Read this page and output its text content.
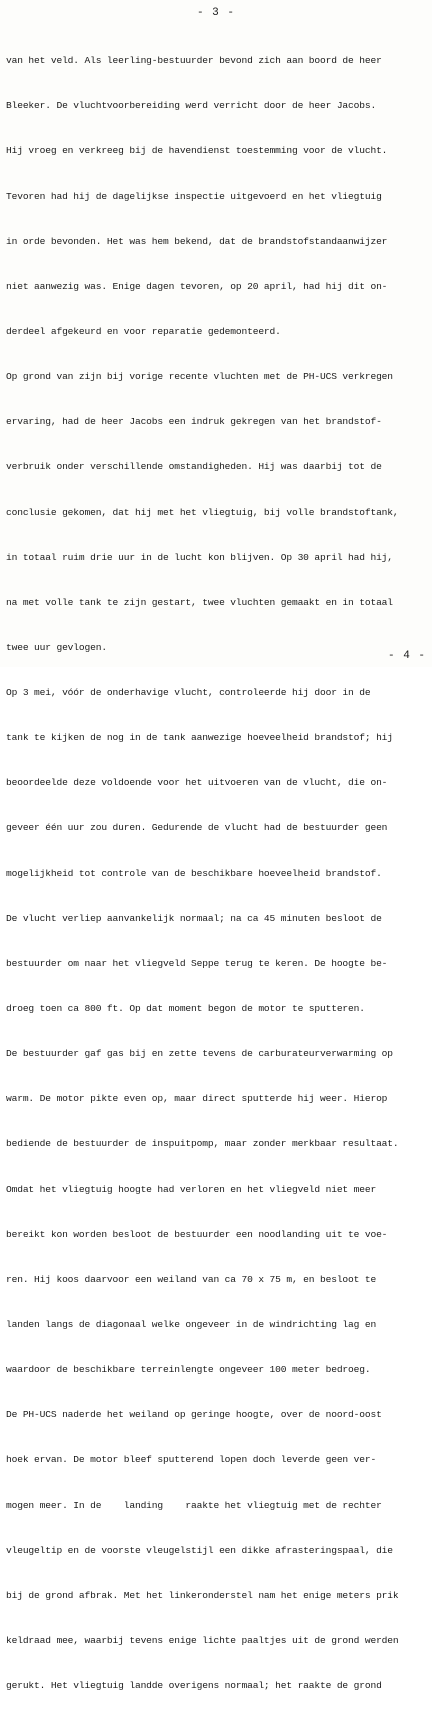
- 3 -

van het veld. Als leerling-bestuurder bevond zich aan boord de heer

Bleeker. De vluchtvoorbereiding werd verricht door de heer Jacobs.

Hij vroeg en verkreeg bij de havendienst toestemming voor de vlucht.

Tevoren had hij de dagelijkse inspectie uitgevoerd en het vliegtuig

in orde bevonden. Het was hem bekend, dat de brandstofstandaanwijzer

niet aanwezig was. Enige dagen tevoren, op 20 april, had hij dit on-

derdeel afgekeurd en voor reparatie gedemonteerd.

Op grond van zijn bij vorige recente vluchten met de PH-UCS verkregen

ervaring, had de heer Jacobs een indruk gekregen van het brandstof-

verbruik onder verschillende omstandigheden. Hij was daarbij tot de

conclusie gekomen, dat hij met het vliegtuig, bij volle brandstoftank,

in totaal ruim drie uur in de lucht kon blijven. Op 30 april had hij,

na met volle tank te zijn gestart, twee vluchten gemaakt en in totaal

twee uur gevlogen.

Op 3 mei, vóór de onderhavige vlucht, controleerde hij door in de

tank te kijken de nog in de tank aanwezige hoeveelheid brandstof; hij

beoordeelde deze voldoende voor het uitvoeren van de vlucht, die on-

geveer één uur zou duren. Gedurende de vlucht had de bestuurder geen

mogelijkheid tot controle van de beschikbare hoeveelheid brandstof.

De vlucht verliep aanvankelijk normaal; na ca 45 minuten besloot de

bestuurder om naar het vliegveld Seppe terug te keren. De hoogte be-

droeg toen ca 800 ft. Op dat moment begon de motor te sputteren.

De bestuurder gaf gas bij en zette tevens de carburateurverwarming op

warm. De motor pikte even op, maar direct sputterde hij weer. Hierop

bediende de bestuurder de inspuitpomp, maar zonder merkbaar resultaat.

Omdat het vliegtuig hoogte had verloren en het vliegveld niet meer

bereikt kon worden besloot de bestuurder een noodlanding uit te voe-

ren. Hij koos daarvoor een weiland van ca 70 x 75 m, en besloot te

landen langs de diagonaal welke ongeveer in de windrichting lag en

waardoor de beschikbare terreinlengte ongeveer 100 meter bedroeg.

De PH-UCS naderde het weiland op geringe hoogte, over de noord-oost

hoek ervan. De motor bleef sputterend lopen doch leverde geen ver-

mogen meer. In de    landing    raakte het vliegtuig met de rechter

vleugeltip en de voorste vleugelstijl een dikke afrasteringspaal, die

bij de grond afbrak. Met het linkeronderstel nam het enige meters prik

keldraad mee, waarbij tevens enige lichte paaltjes uit de grond werden

gerukt. Het vliegtuig landde overigens normaal; het raakte de grond

- 4 -
